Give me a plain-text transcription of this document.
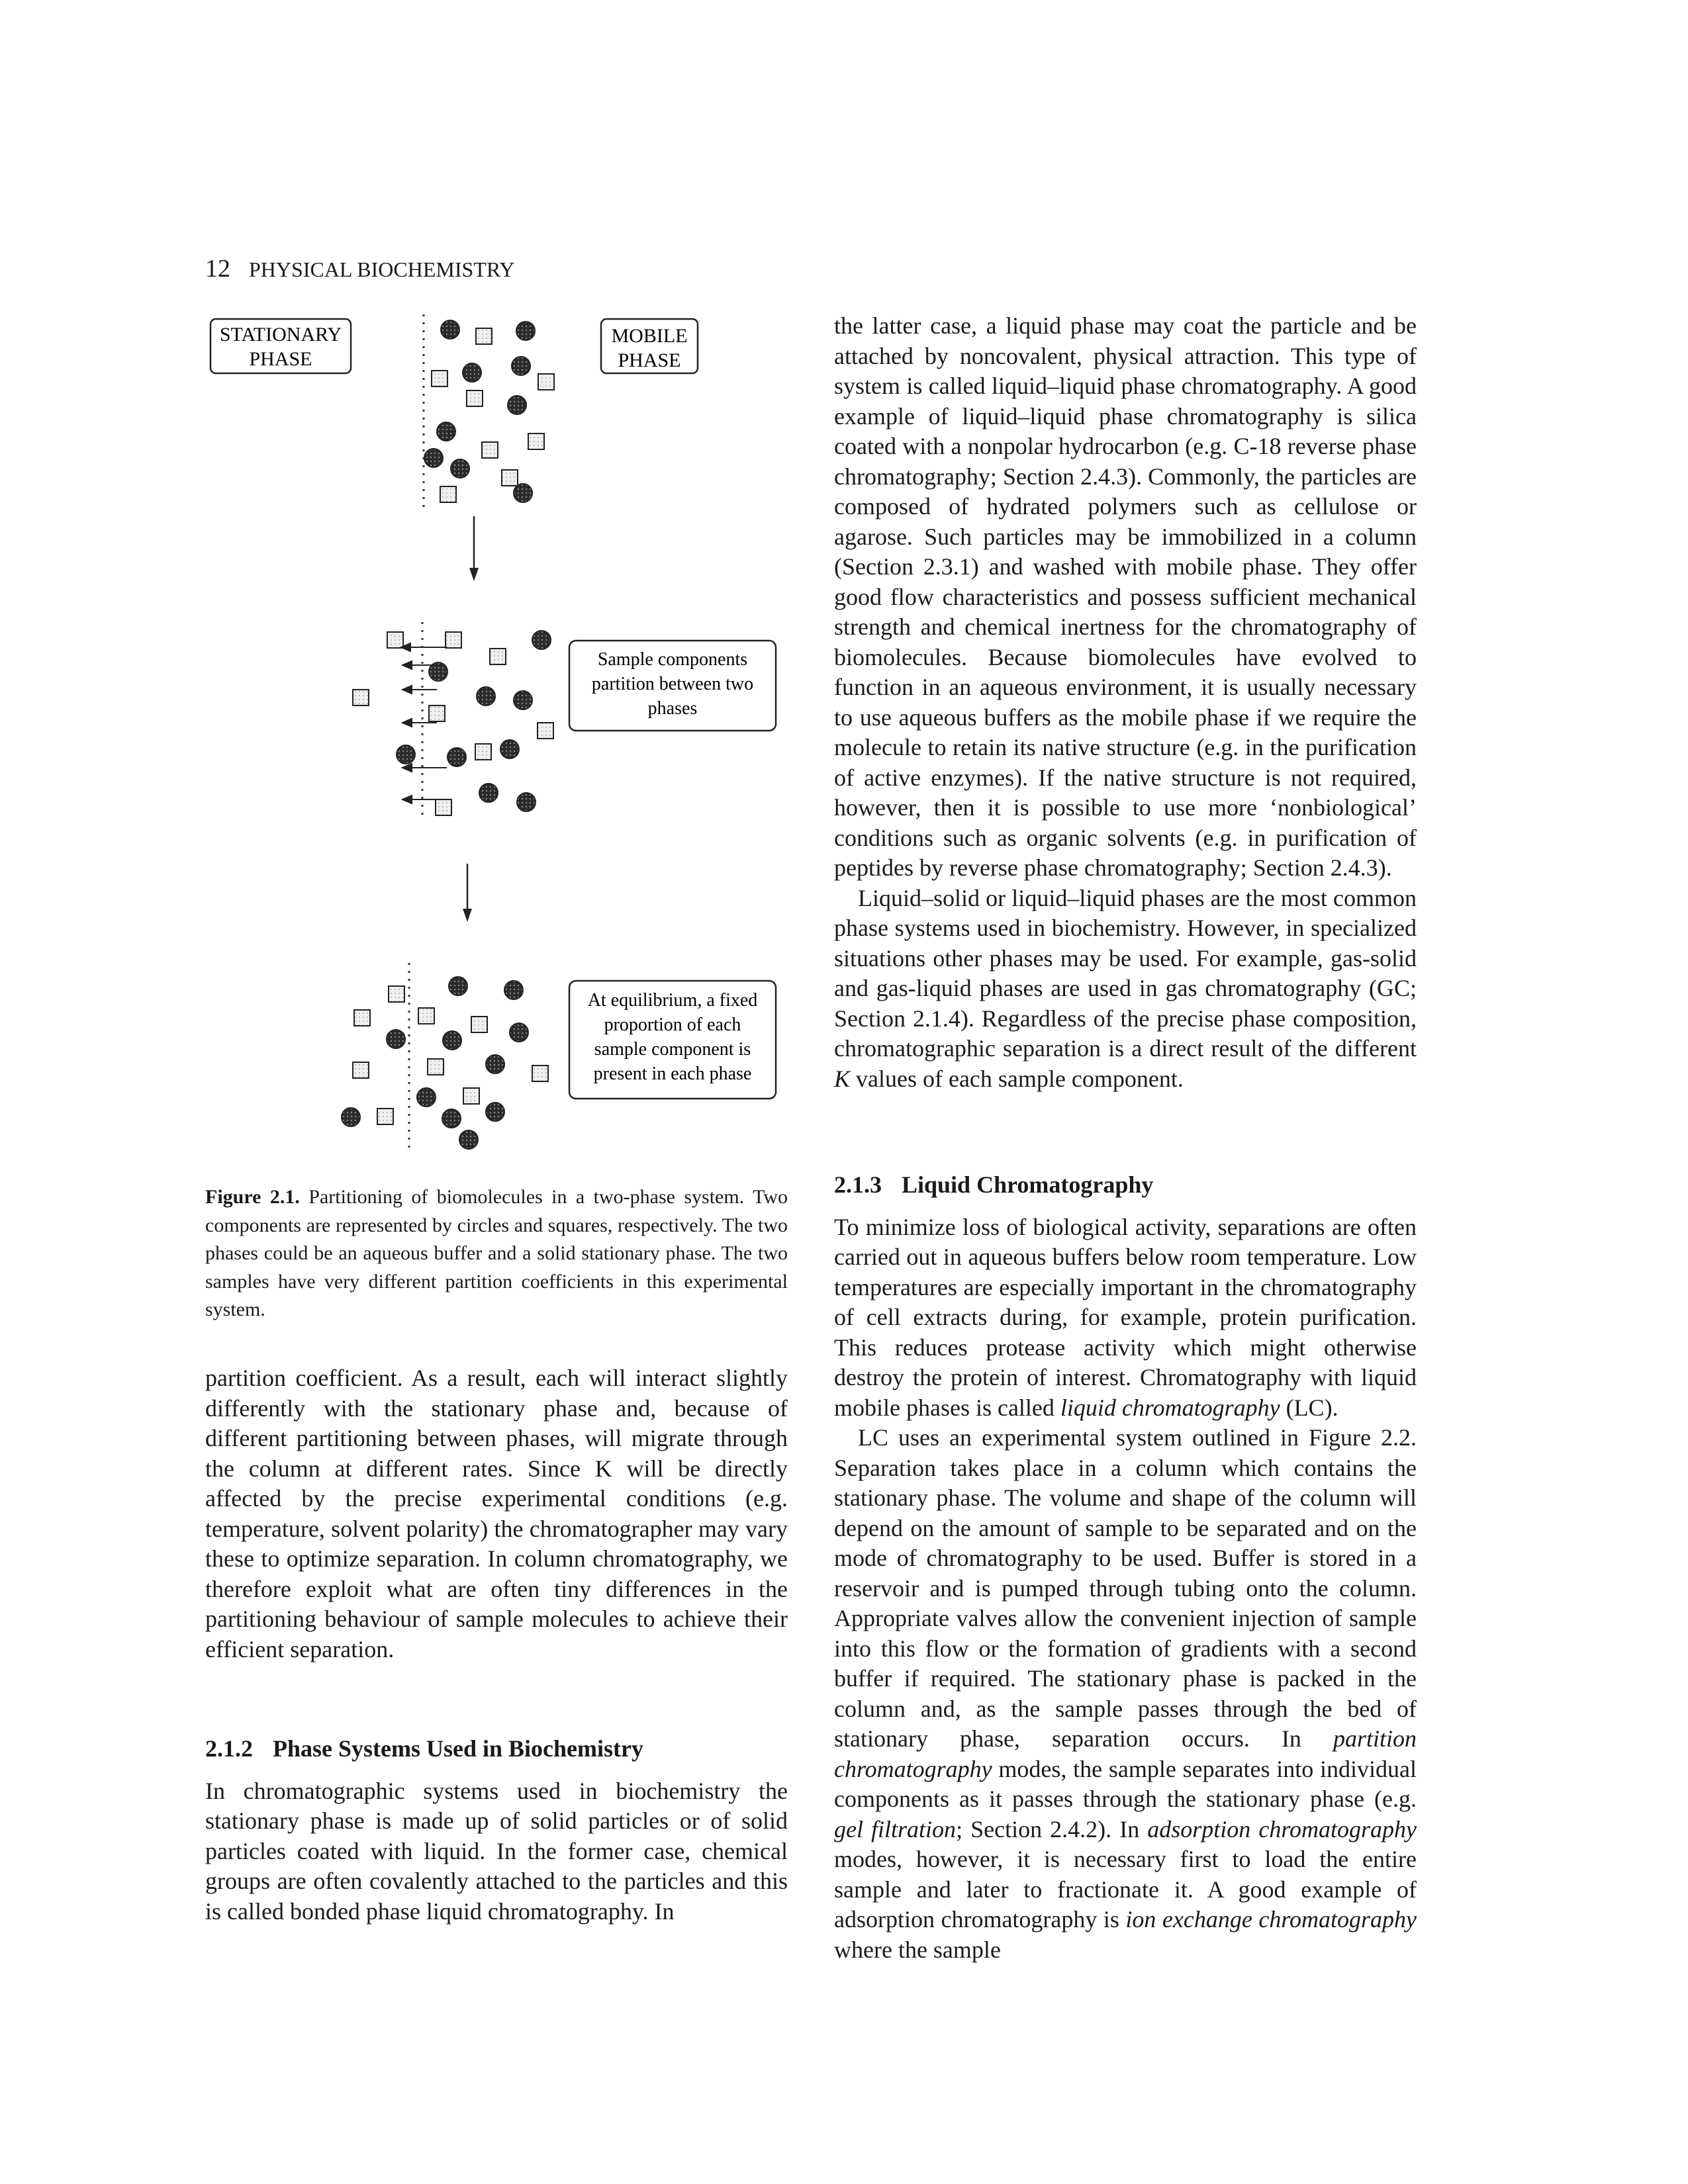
12 PHYSICAL BIOCHEMISTRY
STATIONARY
PHASE
MOBILE
PHASE
Sample components
partition between two
phases
At equilibrium, a fixed
proportion of each
sample component is
present in each phase
Figure 2.1. Partitioning of biomolecules in a two-phase system. Two components are represented by circles and squares, respectively. The two phases could be an aqueous buffer and a solid stationary phase. The two samples have very different partition coefficients in this experimental system.

partition coefficient. As a result, each will interact slightly differently with the stationary phase and, because of different partitioning between phases, will migrate through the column at different rates. Since K will be directly affected by the precise experimental conditions (e.g. temperature, solvent polarity) the chromatographer may vary these to optimize separation. In column chromatography, we therefore exploit what are often tiny differences in the partitioning behaviour of sample molecules to achieve their efficient separation.

2.1.2 Phase Systems Used in Biochemistry

In chromatographic systems used in biochemistry the stationary phase is made up of solid particles or of solid particles coated with liquid. In the former case, chemical groups are often covalently attached to the particles and this is called bonded phase liquid chromatography. In

the latter case, a liquid phase may coat the particle and be attached by noncovalent, physical attraction. This type of system is called liquid–liquid phase chromatography. A good example of liquid–liquid phase chromatography is silica coated with a nonpolar hydrocarbon (e.g. C-18 reverse phase chromatography; Section 2.4.3). Commonly, the particles are composed of hydrated polymers such as cellulose or agarose. Such particles may be immobilized in a column (Section 2.3.1) and washed with mobile phase. They offer good flow characteristics and possess sufficient mechanical strength and chemical inertness for the chromatography of biomolecules. Because biomolecules have evolved to function in an aqueous environment, it is usually necessary to use aqueous buffers as the mobile phase if we require the molecule to retain its native structure (e.g. in the purification of active enzymes). If the native structure is not required, however, then it is possible to use more ‘nonbiological’ conditions such as organic solvents (e.g. in purification of peptides by reverse phase chromatography; Section 2.4.3).

Liquid–solid or liquid–liquid phases are the most common phase systems used in biochemistry. However, in specialized situations other phases may be used. For example, gas-solid and gas-liquid phases are used in gas chromatography (GC; Section 2.1.4). Regardless of the precise phase composition, chromatographic separation is a direct result of the different K values of each sample component.

2.1.3 Liquid Chromatography

To minimize loss of biological activity, separations are often carried out in aqueous buffers below room temperature. Low temperatures are especially important in the chromatography of cell extracts during, for example, protein purification. This reduces protease activity which might otherwise destroy the protein of interest. Chromatography with liquid mobile phases is called liquid chromatography (LC).

LC uses an experimental system outlined in Figure 2.2. Separation takes place in a column which contains the stationary phase. The volume and shape of the column will depend on the amount of sample to be separated and on the mode of chromatography to be used. Buffer is stored in a reservoir and is pumped through tubing onto the column. Appropriate valves allow the convenient injection of sample into this flow or the formation of gradients with a second buffer if required. The stationary phase is packed in the column and, as the sample passes through the bed of stationary phase, separation occurs. In partition chromatography modes, the sample separates into individual components as it passes through the stationary phase (e.g. gel filtration; Section 2.4.2). In adsorption chromatography modes, however, it is necessary first to load the entire sample and later to fractionate it. A good example of adsorption chromatography is ion exchange chromatography where the sample
